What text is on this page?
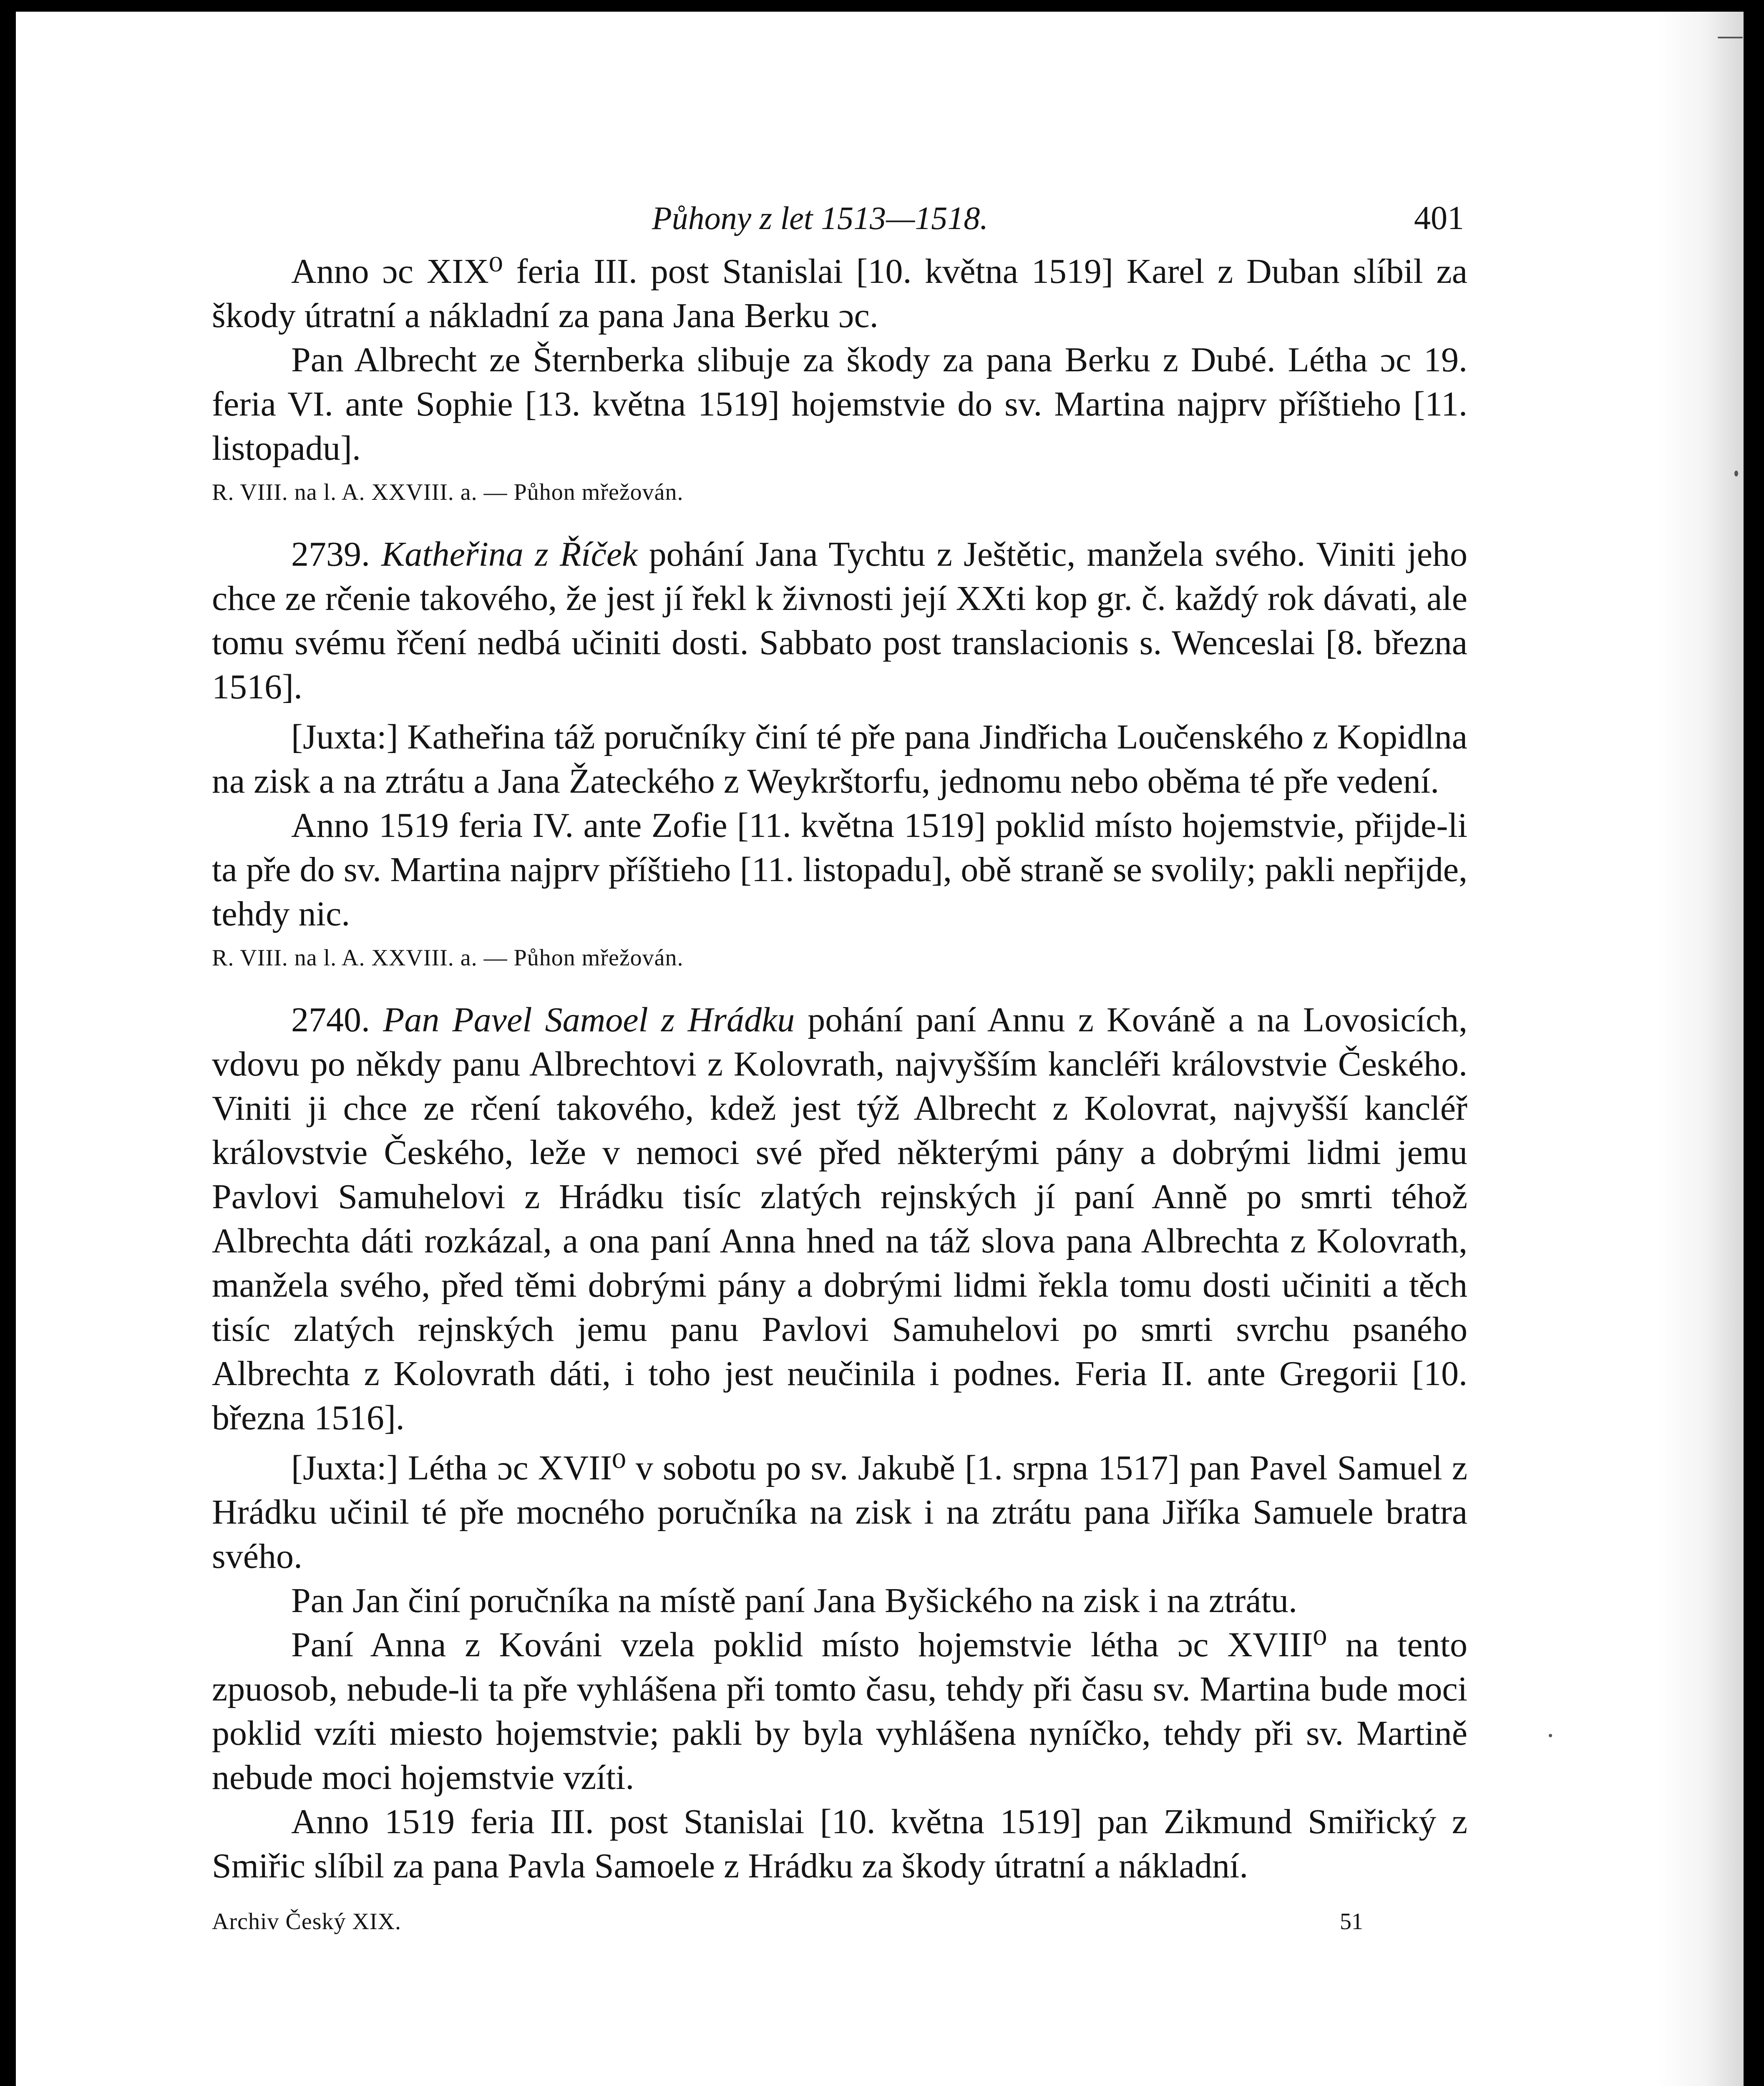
Půhony z let 1513—1518.	401

Anno ɔc XIX⁰ feria III. post Stanislai [10. května 1519] Karel z Duban slíbil za škody útratní a nákladní za pana Jana Berku ɔc.

Pan Albrecht ze Šternberka slibuje za škody za pana Berku z Dubé. Létha ɔc 19. feria VI. ante Sophie [13. května 1519] hojemstvie do sv. Martina najprv příštieho [11. listopadu].

R. VIII. na l. A. XXVIII. a. — Půhon mřežován.

2739. Katheřina z Říček pohání Jana Tychtu z Ještětic, manžela svého. Viniti jeho chce ze rčenie takového, že jest jí řekl k živnosti její XXti kop gr. č. každý rok dávati, ale tomu svému řčení nedbá učiniti dosti. Sabbato post translacionis s. Wenceslai [8. března 1516].

[Juxta:] Katheřina táž poručníky činí té pře pana Jindřicha Loučenského z Kopidlna na zisk a na ztrátu a Jana Žateckého z Weykrštorfu, jednomu nebo oběma té pře vedení.

Anno 1519 feria IV. ante Zofie [11. května 1519] poklid místo hojemstvie, přijde-li ta pře do sv. Martina najprv příštieho [11. listopadu], obě straně se svolily; pakli nepřijde, tehdy nic.

R. VIII. na l. A. XXVIII. a. — Půhon mřežován.

2740. Pan Pavel Samoel z Hrádku pohání paní Annu z Kováně a na Lovosicích, vdovu po někdy panu Albrechtovi z Kolovrath, najvyšším kancléři královstvie Českého. Viniti ji chce ze rčení takového, kdež jest týž Albrecht z Kolovrat, najvyšší kancléř královstvie Českého, leže v nemoci své před některými pány a dobrými lidmi jemu Pavlovi Samuhelovi z Hrádku tisíc zlatých rejnských jí paní Anně po smrti téhož Albrechta dáti rozkázal, a ona paní Anna hned na táž slova pana Albrechta z Kolovrath, manžela svého, před těmi dobrými pány a dobrými lidmi řekla tomu dosti učiniti a těch tisíc zlatých rejnských jemu panu Pavlovi Samuhelovi po smrti svrchu psaného Albrechta z Kolovrath dáti, i toho jest neučinila i podnes. Feria II. ante Gregorii [10. března 1516].

[Juxta:] Létha ɔc XVII⁰ v sobotu po sv. Jakubě [1. srpna 1517] pan Pavel Samuel z Hrádku učinil té pře mocného poručníka na zisk i na ztrátu pana Jiříka Samuele bratra svého.

Pan Jan činí poručníka na místě paní Jana Byšického na zisk i na ztrátu.

Paní Anna z Kováni vzela poklid místo hojemstvie létha ɔc XVIII⁰ na tento zpuosob, nebude-li ta pře vyhlášena při tomto času, tehdy při času sv. Martina bude moci poklid vzíti miesto hojemstvie; pakli by byla vyhlášena nyníčko, tehdy při sv. Martině nebude moci hojemstvie vzíti.

Anno 1519 feria III. post Stanislai [10. května 1519] pan Zikmund Smiřický z Smiřic slíbil za pana Pavla Samoele z Hrádku za škody útratní a nákladní.

Archiv Český XIX.	51
